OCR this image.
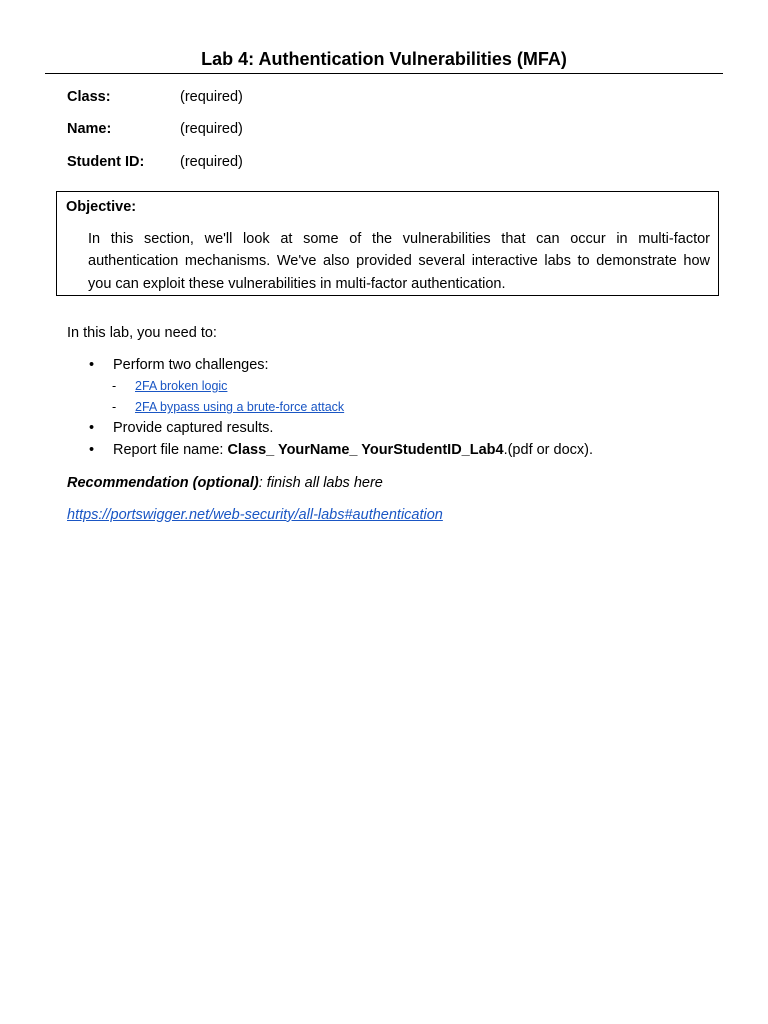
Lab 4: Authentication Vulnerabilities (MFA)
Class:	(required)
Name:	(required)
Student ID: (required)
Objective:
In this section, we'll look at some of the vulnerabilities that can occur in multi-factor authentication mechanisms. We've also provided several interactive labs to demonstrate how you can exploit these vulnerabilities in multi-factor authentication.
In this lab, you need to:
• Perform two challenges:
- 2FA broken logic
- 2FA bypass using a brute-force attack
• Provide captured results.
• Report file name: Class_ YourName_ YourStudentID_Lab4.(pdf or docx).
Recommendation (optional): finish all labs here
https://portswigger.net/web-security/all-labs#authentication
